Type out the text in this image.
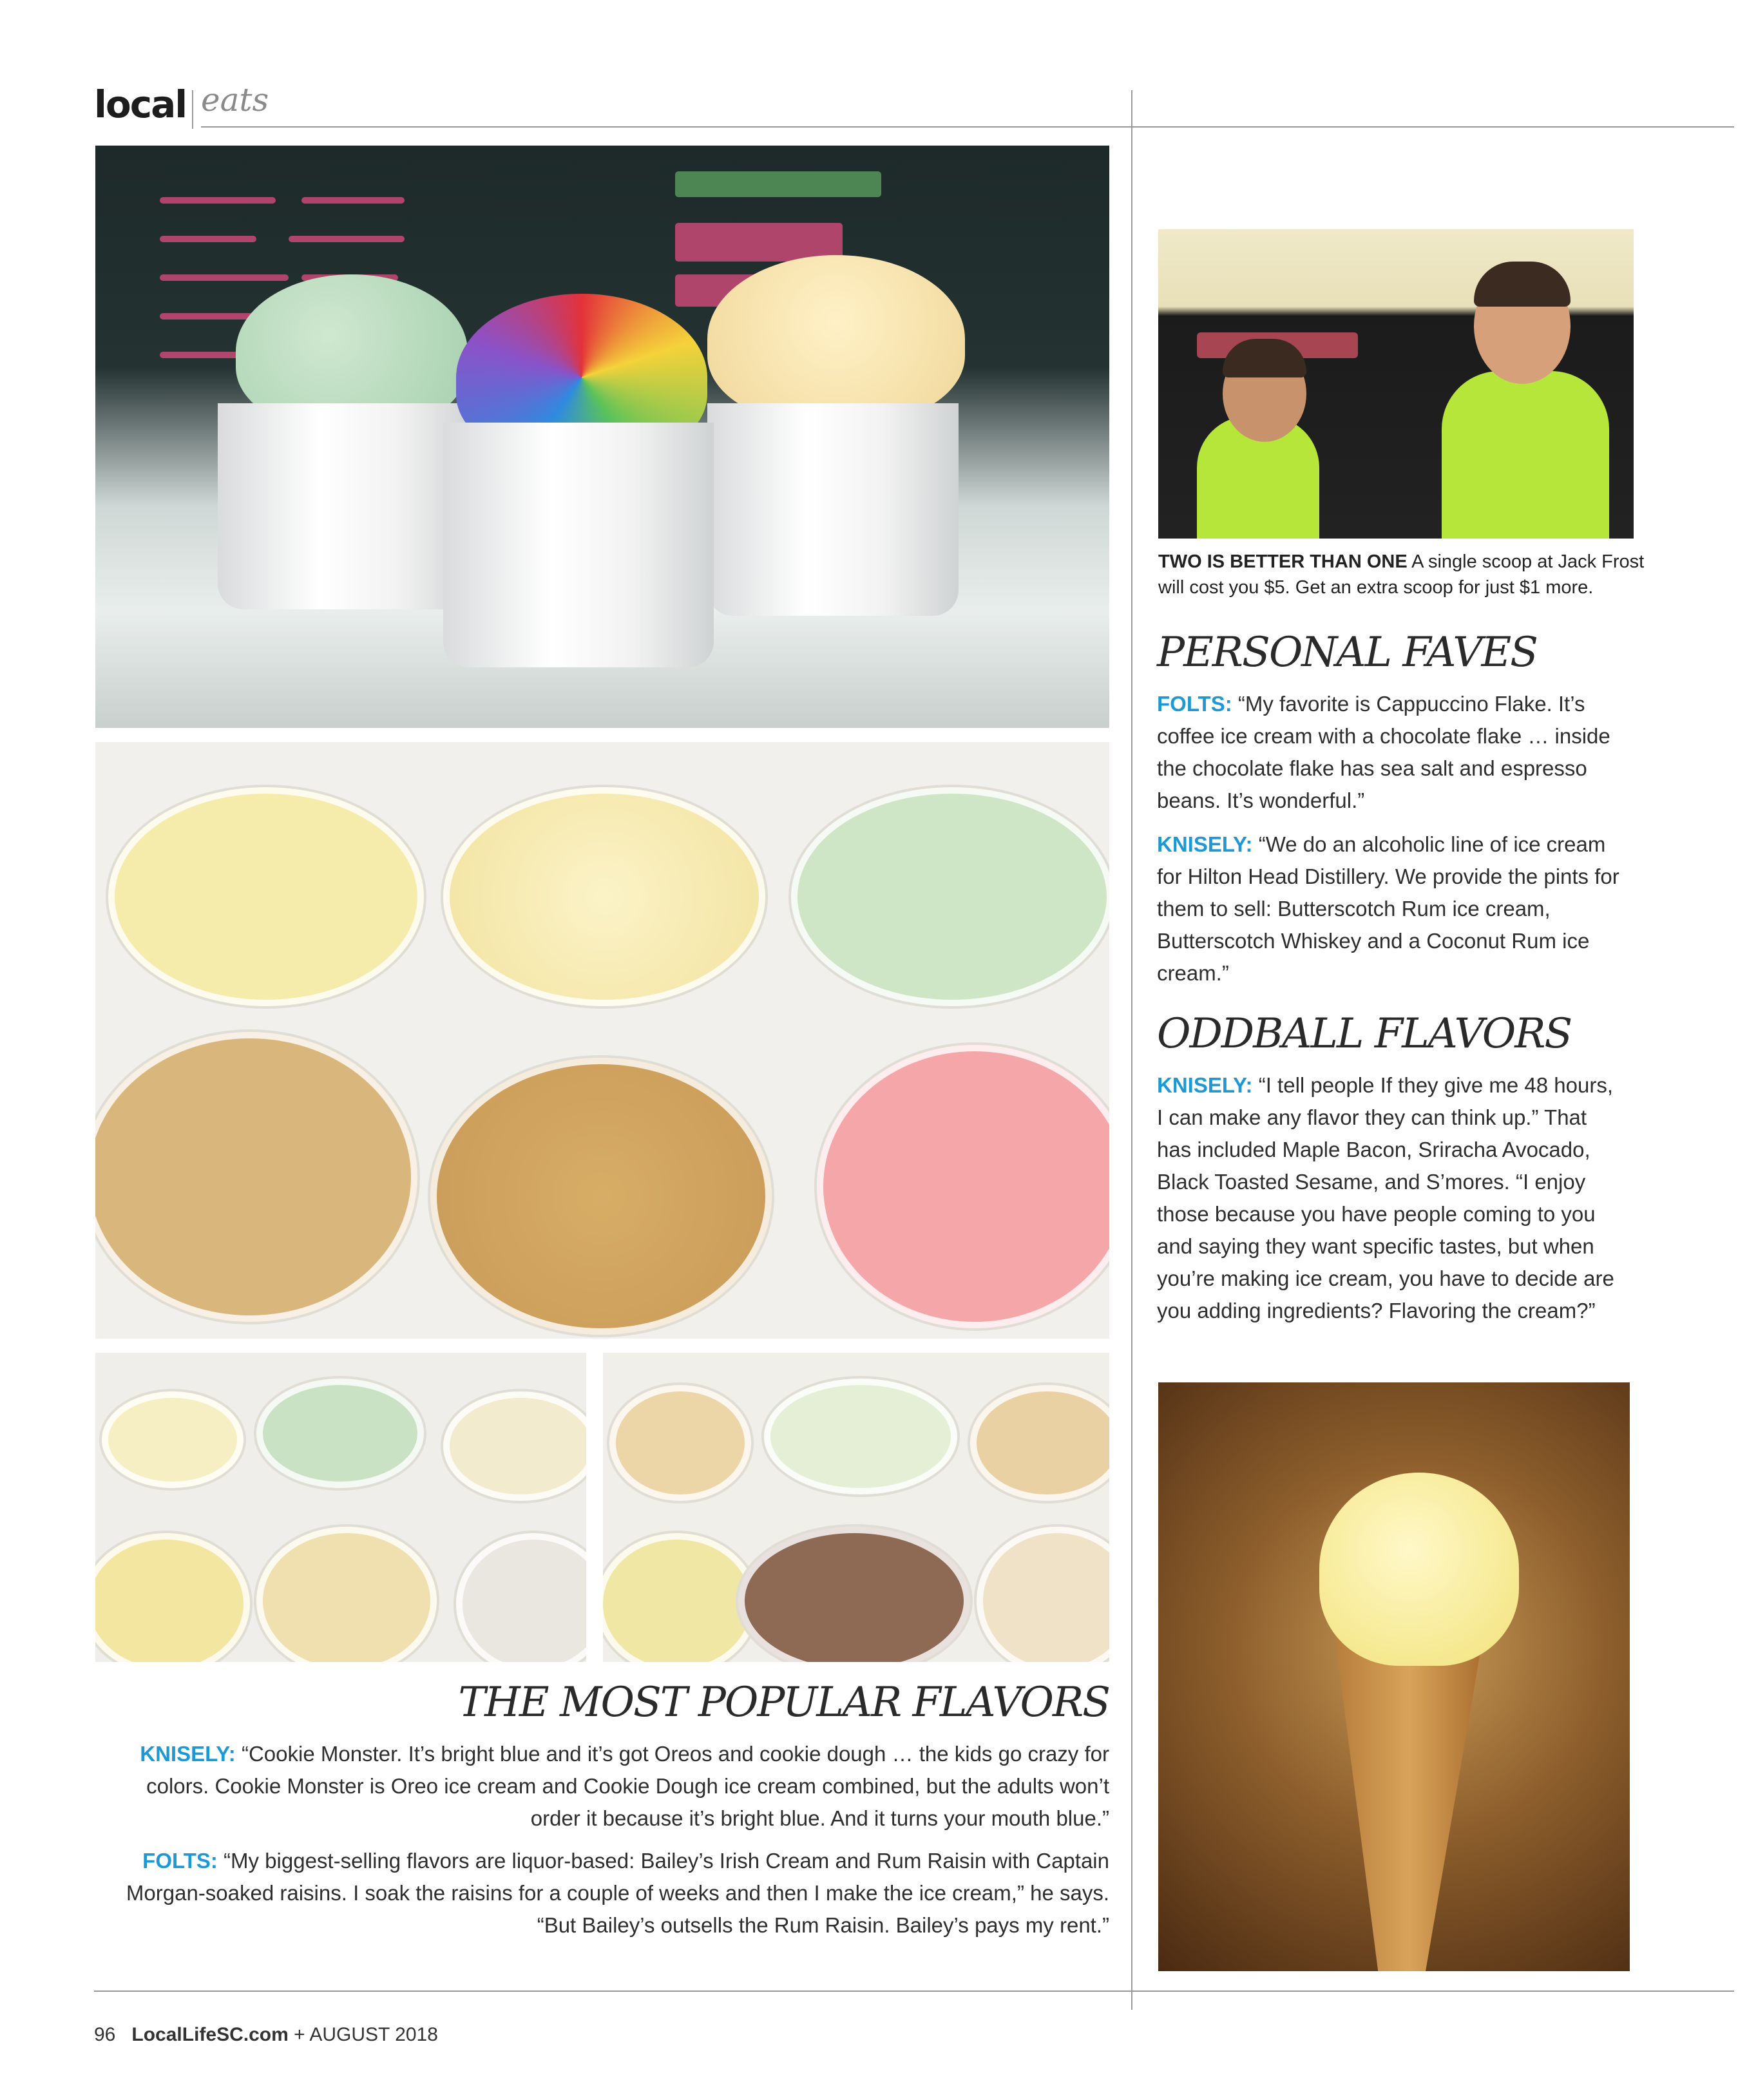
local eats
TWO IS BETTER THAN ONE A single scoop at Jack Frost will cost you $5. Get an extra scoop for just $1 more.
PERSONAL FAVES
FOLTS: “My favorite is Cappuccino Flake. It’s coffee ice cream with a chocolate flake … inside the chocolate flake has sea salt and espresso beans. It’s wonderful.”
KNISELY: “We do an alcoholic line of ice cream for Hilton Head Distillery. We provide the pints for them to sell: Butterscotch Rum ice cream, Butterscotch Whiskey and a Coconut Rum ice cream.”
ODDBALL FLAVORS
KNISELY: “I tell people If they give me 48 hours, I can make any flavor they can think up.” That has included Maple Bacon, Sriracha Avocado, Black Toasted Sesame, and S’mores. “I enjoy those because you have people coming to you and saying they want specific tastes, but when you’re making ice cream, you have to decide are you adding ingredients? Flavoring the cream?”
THE MOST POPULAR FLAVORS
KNISELY: “Cookie Monster. It’s bright blue and it’s got Oreos and cookie dough … the kids go crazy for colors. Cookie Monster is Oreo ice cream and Cookie Dough ice cream combined, but the adults won’t order it because it’s bright blue. And it turns your mouth blue.”
FOLTS: “My biggest-selling flavors are liquor-based: Bailey’s Irish Cream and Rum Raisin with Captain Morgan-soaked raisins. I soak the raisins for a couple of weeks and then I make the ice cream,” he says. “But Bailey’s outsells the Rum Raisin. Bailey’s pays my rent.”
96 LocalLifeSC.com + AUGUST 2018
